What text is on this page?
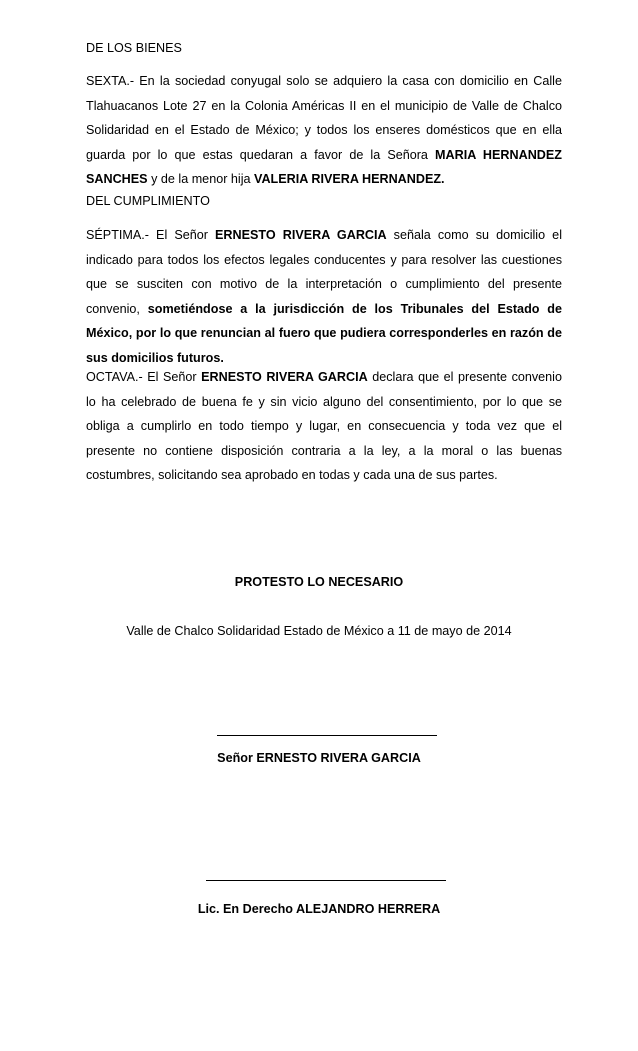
DE LOS BIENES

SEXTA.- En la sociedad conyugal solo se adquiero la casa con domicilio en Calle Tlahuacanos Lote 27 en la Colonia Américas II en el municipio de Valle de Chalco Solidaridad en el Estado de México; y todos los enseres domésticos que en ella guarda por lo que estas quedaran a favor de la Señora MARIA HERNANDEZ SANCHES y de la menor hija VALERIA RIVERA HERNANDEZ.

DEL CUMPLIMIENTO

SÉPTIMA.- El Señor ERNESTO RIVERA GARCIA señala como su domicilio el indicado para todos los efectos legales conducentes y para resolver las cuestiones que se susciten con motivo de la interpretación o cumplimiento del presente convenio, sometiéndose a la jurisdicción de los Tribunales del Estado de México, por lo que renuncian al fuero que pudiera corresponderles en razón de sus domicilios futuros.

OCTAVA.- El Señor ERNESTO RIVERA GARCIA declara que el presente convenio lo ha celebrado de buena fe y sin vicio alguno del consentimiento, por lo que se obliga a cumplirlo en todo tiempo y lugar, en consecuencia y toda vez que el presente no contiene disposición contraria a la ley, a la moral o las buenas costumbres, solicitando sea aprobado en todas y cada una de sus partes.

PROTESTO LO NECESARIO
Valle de Chalco Solidaridad Estado de México a 11 de mayo de 2014
Señor ERNESTO RIVERA GARCIA
Lic. En Derecho ALEJANDRO HERRERA
